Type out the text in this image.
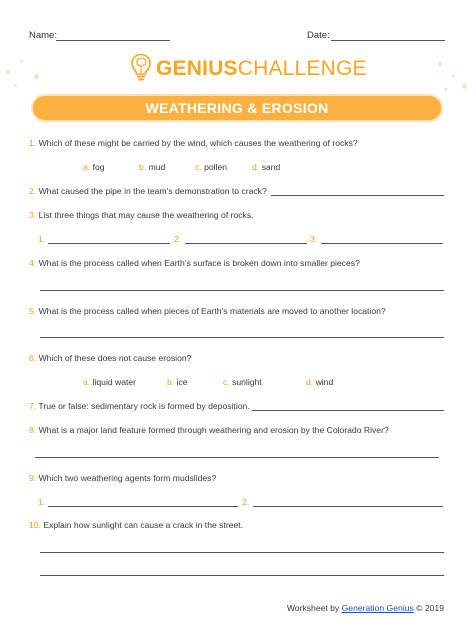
Name:	Date:
GENIUSCHALLENGE
WEATHERING & EROSION
1. Which of these might be carried by the wind, which causes the weathering of rocks?
a. fog	b. mud	c. pollen	d. sand
2. What caused the pipe in the team’s demonstration to crack?
3. List three things that may cause the weathering of rocks.
1.	2.	3.
4. What is the process called when Earth’s surface is broken down into smaller pieces?
5. What is the process called when pieces of Earth’s materials are moved to another location?
6. Which of these does not cause erosion?
a. liquid water	b. ice	c. sunlight	d. wind
7. True or false: sedimentary rock is formed by deposition.
8. What is a major land feature formed through weathering and erosion by the Colorado River?
9. Which two weathering agents form mudslides?
1.	2.
10. Explain how sunlight can cause a crack in the street.
Worksheet by Generation Genius © 2019
